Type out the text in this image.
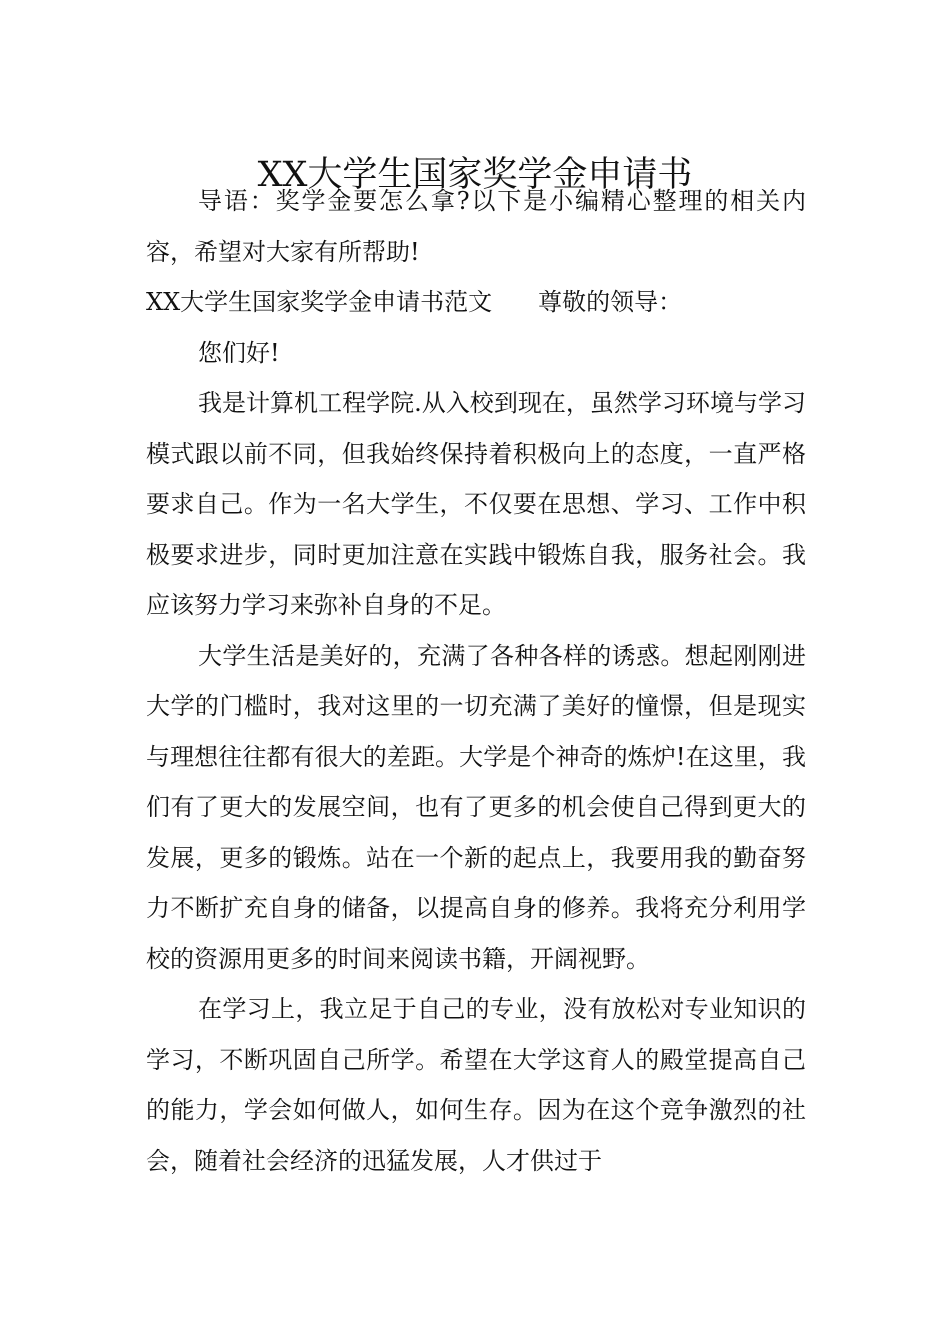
XX大学生国家奖学金申请书

导语：奖学金要怎么拿?以下是小编精心整理的相关内容，希望对大家有所帮助!

XX大学生国家奖学金申请书范文 尊敬的领导：

您们好!

我是计算机工程学院.从入校到现在，虽然学习环境与学习模式跟以前不同，但我始终保持着积极向上的态度，一直严格要求自己。作为一名大学生，不仅要在思想、学习、工作中积极要求进步，同时更加注意在实践中锻炼自我，服务社会。我应该努力学习来弥补自身的不足。

大学生活是美好的，充满了各种各样的诱惑。想起刚刚进大学的门槛时，我对这里的一切充满了美好的憧憬，但是现实与理想往往都有很大的差距。大学是个神奇的炼炉!在这里，我们有了更大的发展空间，也有了更多的机会使自己得到更大的发展，更多的锻炼。站在一个新的起点上，我要用我的勤奋努力不断扩充自身的储备，以提高自身的修养。我将充分利用学校的资源用更多的时间来阅读书籍，开阔视野。

在学习上，我立足于自己的专业，没有放松对专业知识的学习，不断巩固自己所学。希望在大学这育人的殿堂提高自己的能力，学会如何做人，如何生存。因为在这个竞争激烈的社会，随着社会经济的迅猛发展，人才供过于
